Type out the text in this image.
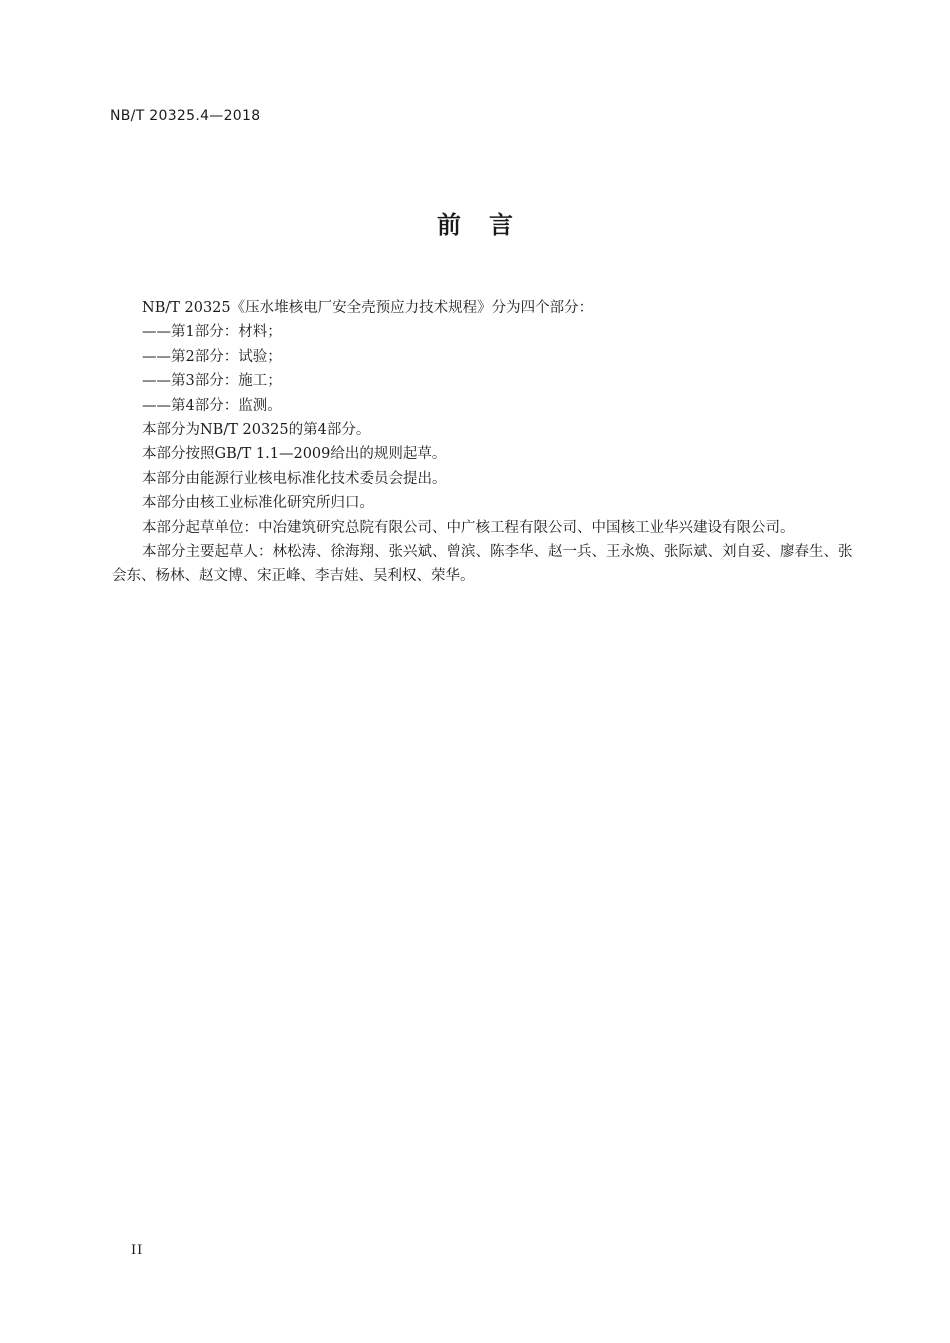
NB/T 20325.4—2018
前言

NB/T 20325《压水堆核电厂安全壳预应力技术规程》分为四个部分：

——第1部分：材料；

——第2部分：试验；

——第3部分：施工；

——第4部分：监测。

本部分为NB/T 20325的第4部分。

本部分按照GB/T 1.1—2009给出的规则起草。

本部分由能源行业核电标准化技术委员会提出。

本部分由核工业标准化研究所归口。

本部分起草单位：中冶建筑研究总院有限公司、中广核工程有限公司、中国核工业华兴建设有限公司。

本部分主要起草人：林松涛、徐海翔、张兴斌、曾滨、陈李华、赵一兵、王永焕、张际斌、刘自妥、廖春生、张会东、杨林、赵文博、宋正峰、李吉娃、吴利权、荣华。

II
